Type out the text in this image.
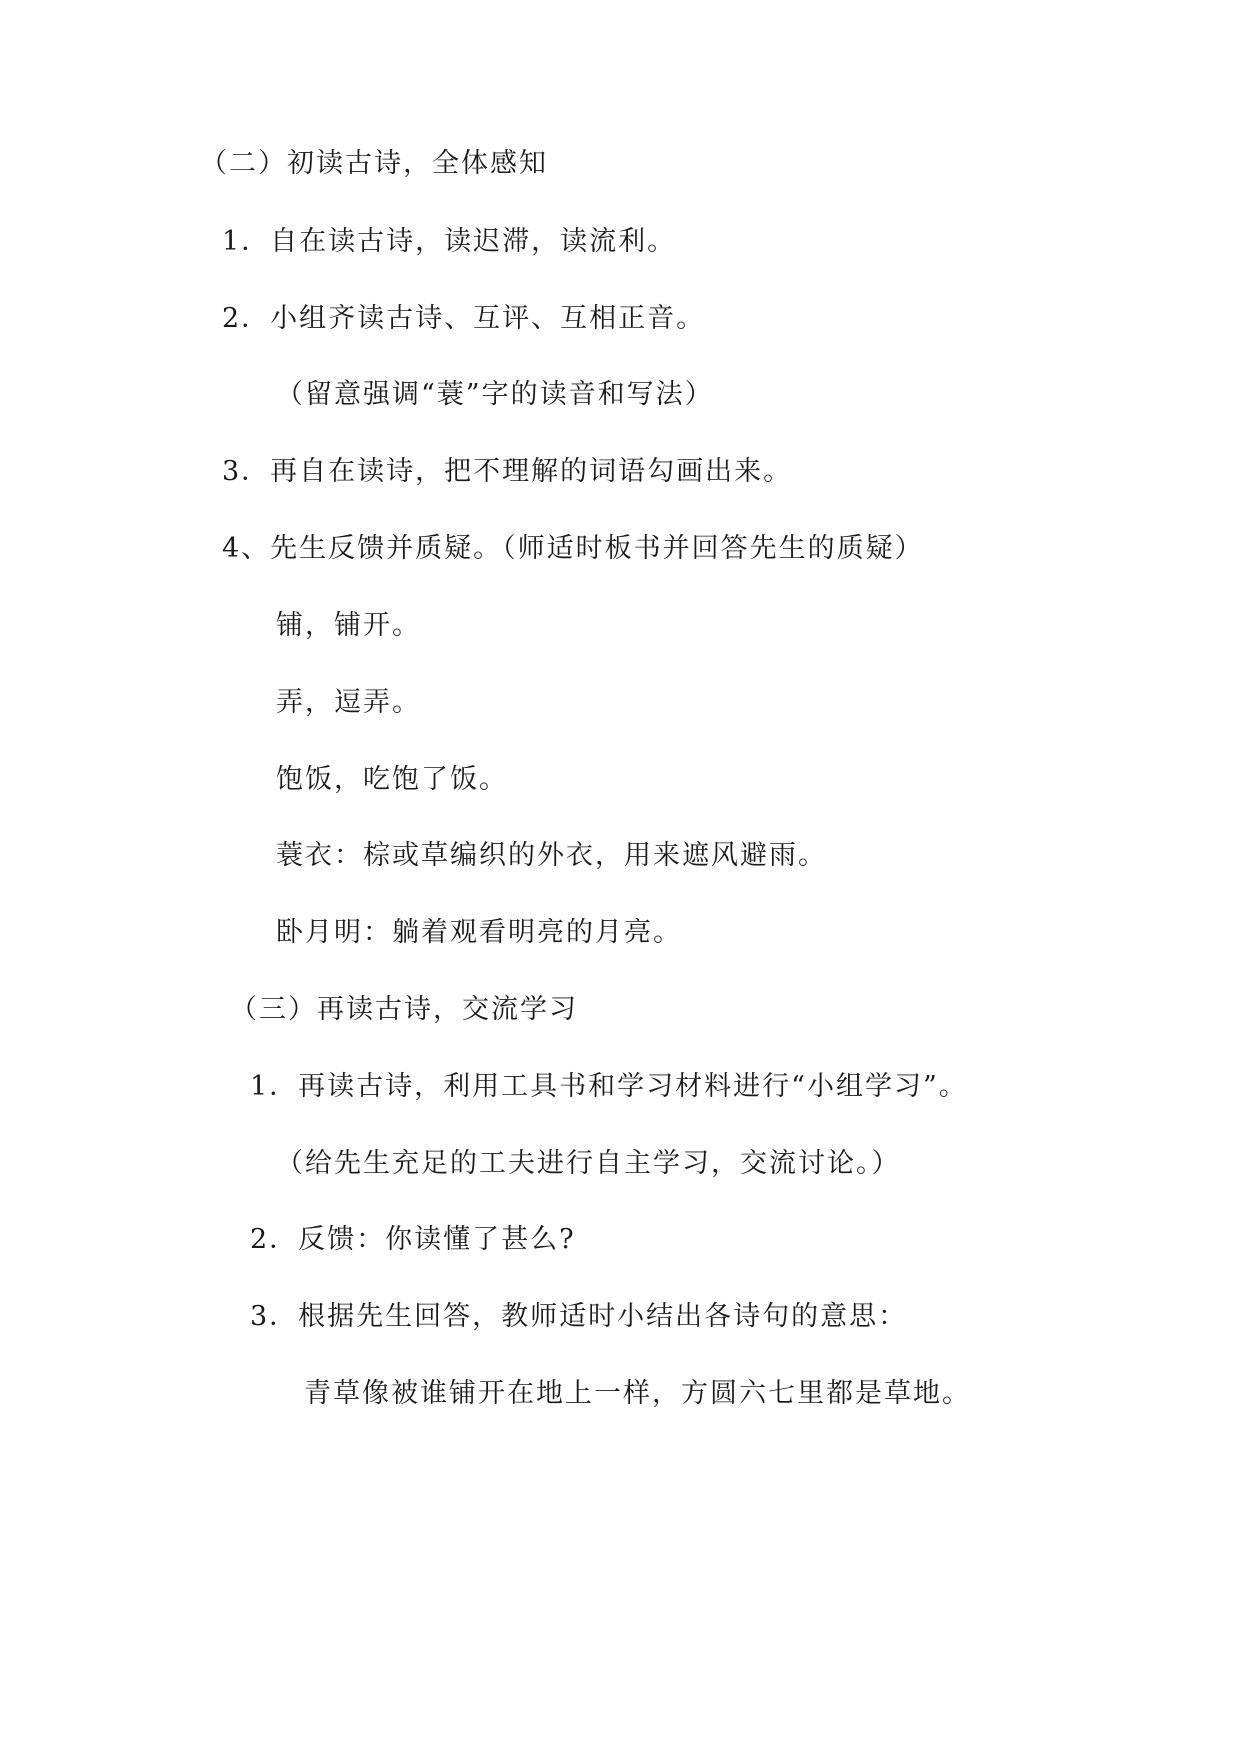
（二）初读古诗，全体感知
1．自在读古诗，读迟滞，读流利。
2．小组齐读古诗、互评、互相正音。
（留意强调“蓑”字的读音和写法）
3．再自在读诗，把不理解的词语勾画出来。
4、先生反馈并质疑。（师适时板书并回答先生的质疑）
铺，铺开。
弄，逗弄。
饱饭，吃饱了饭。
蓑衣：棕或草编织的外衣，用来遮风避雨。
卧月明：躺着观看明亮的月亮。
（三）再读古诗，交流学习
1．再读古诗，利用工具书和学习材料进行“小组学习”。
（给先生充足的工夫进行自主学习，交流讨论。）
2．反馈：你读懂了甚么?
3．根据先生回答，教师适时小结出各诗句的意思：
青草像被谁铺开在地上一样，方圆六七里都是草地。
